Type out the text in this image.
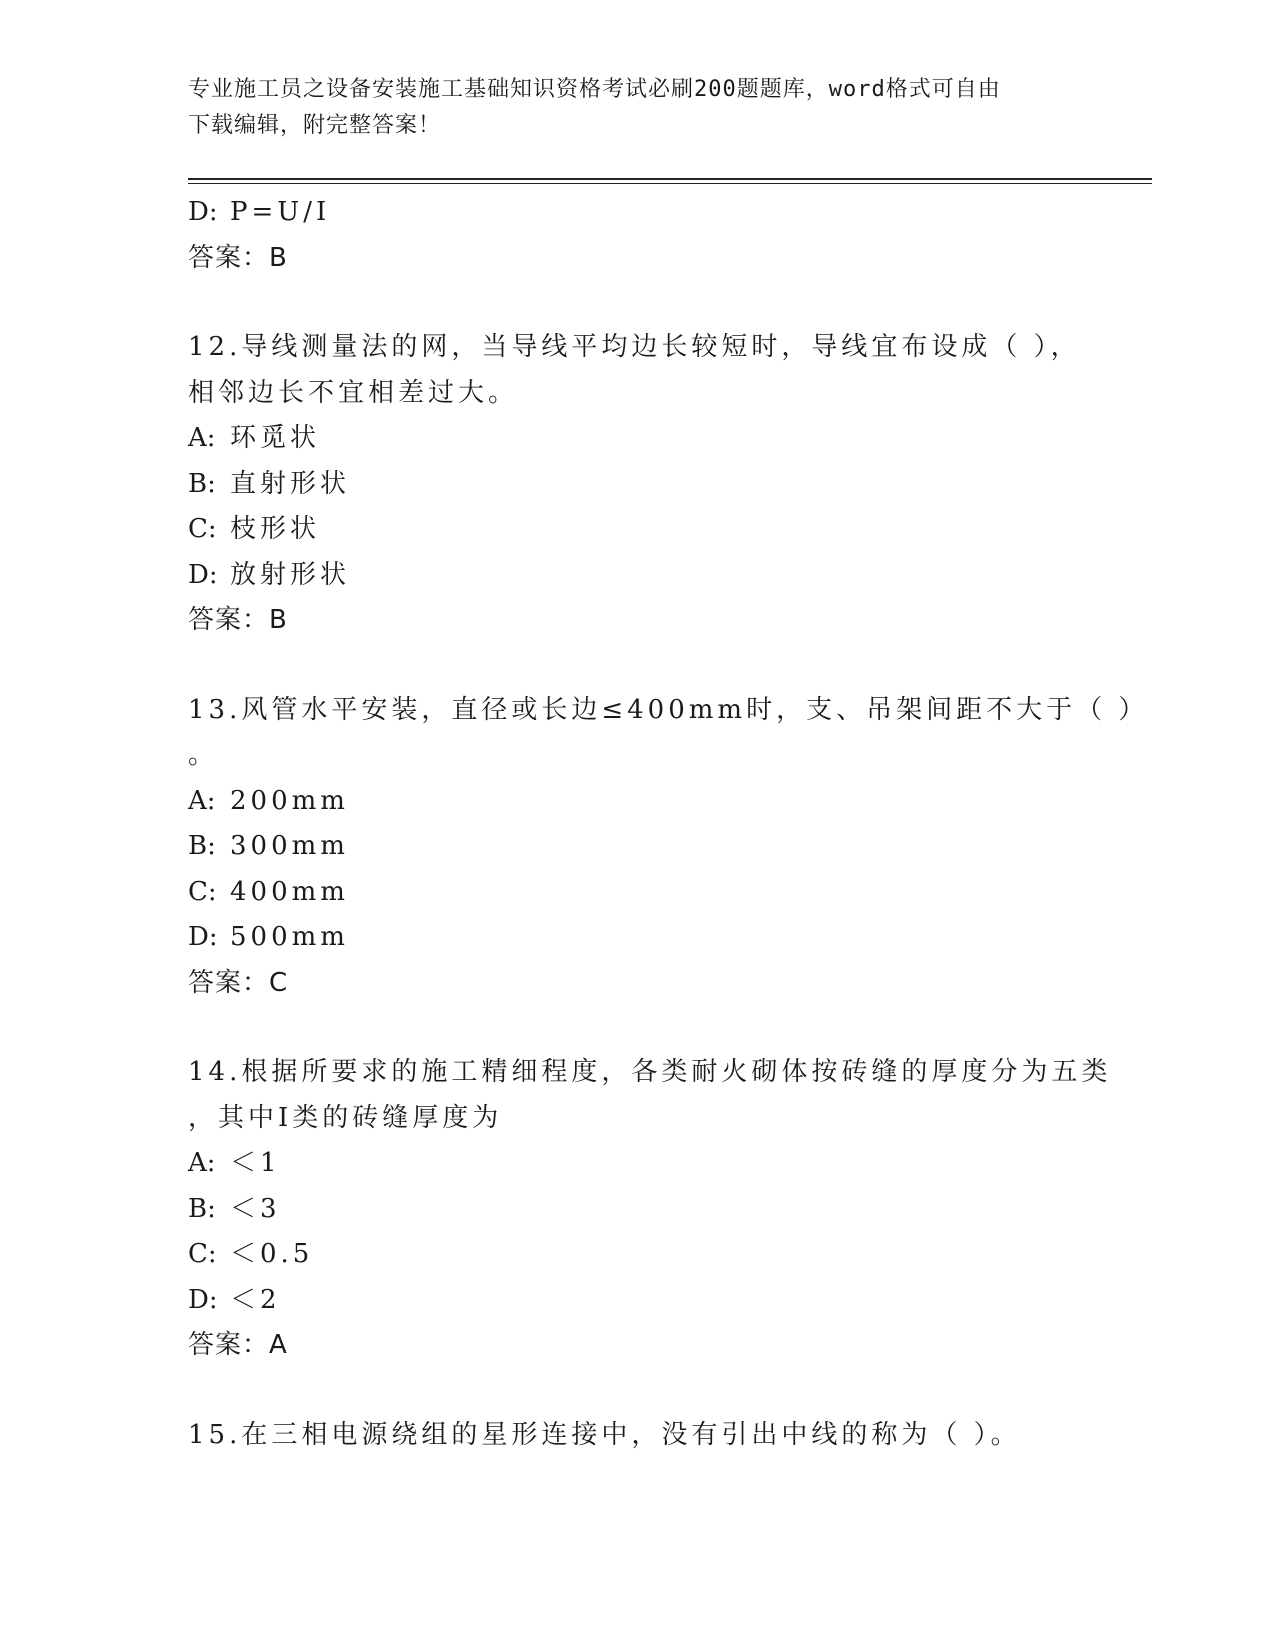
专业施工员之设备安装施工基础知识资格考试必刷200题题库，word格式可自由
下载编辑，附完整答案！
D: P=U/I
答案：B
12.导线测量法的网，当导线平均边长较短时，导线宜布设成（ ），
相邻边长不宜相差过大。
A: 环觅状
B: 直射形状
C: 枝形状
D: 放射形状
答案：B
13.风管水平安装，直径或长边≤400mm时，支、吊架间距不大于（ ）
。
A: 200mm
B: 300mm
C: 400mm
D: 500mm
答案：C
14.根据所要求的施工精细程度，各类耐火砌体按砖缝的厚度分为五类
，其中Ⅰ类的砖缝厚度为
A: ＜1
B: ＜3
C: ＜0.5
D: ＜2
答案：A
15.在三相电源绕组的星形连接中，没有引出中线的称为（ ）。
